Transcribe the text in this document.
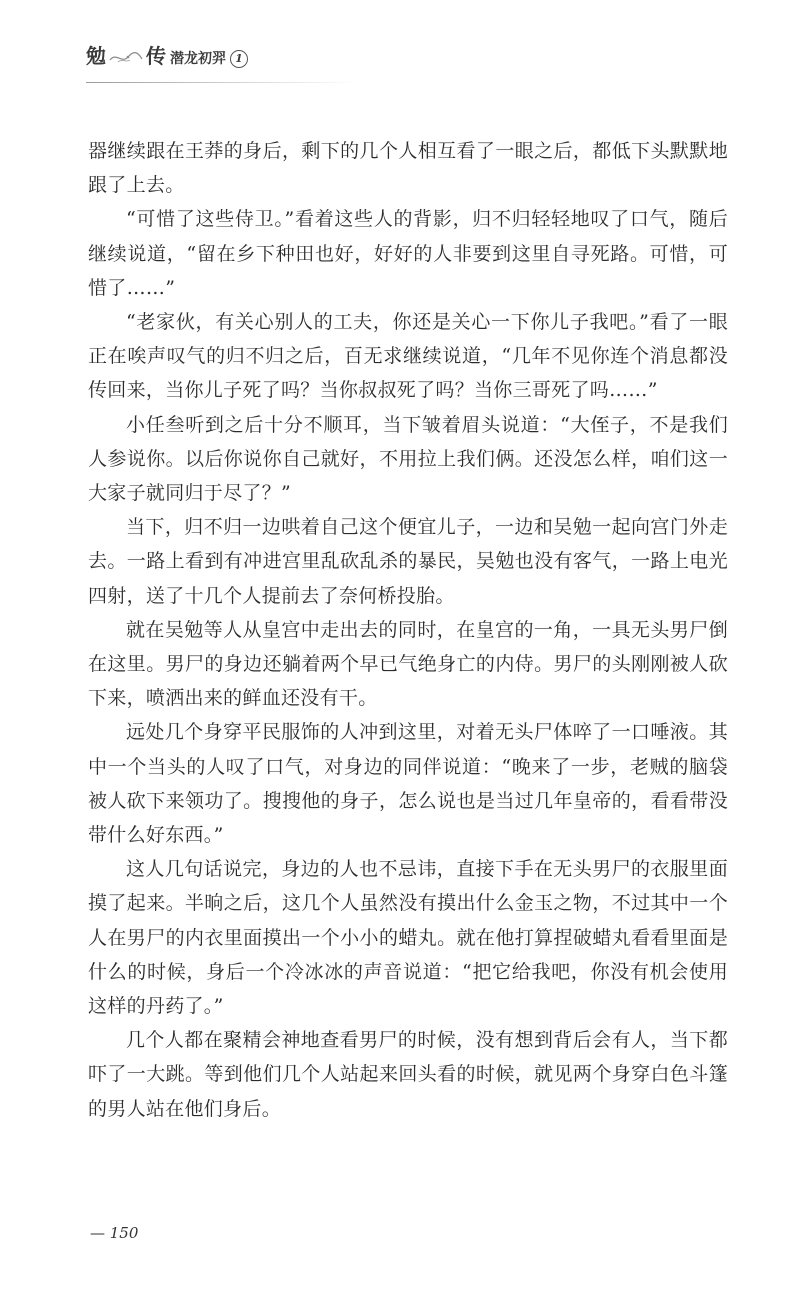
勉 传 潜龙初羿 1

器继续跟在王莽的身后，剩下的几个人相互看了一眼之后，都低下头默默地跟了上去。

“可惜了这些侍卫。”看着这些人的背影，归不归轻轻地叹了口气，随后继续说道，“留在乡下种田也好，好好的人非要到这里自寻死路。可惜，可惜了……”

“老家伙，有关心别人的工夫，你还是关心一下你儿子我吧。”看了一眼正在唉声叹气的归不归之后，百无求继续说道，“几年不见你连个消息都没传回来，当你儿子死了吗？当你叔叔死了吗？当你三哥死了吗……”

小任叁听到之后十分不顺耳，当下皱着眉头说道：“大侄子，不是我们人参说你。以后你说你自己就好，不用拉上我们俩。还没怎么样，咱们这一大家子就同归于尽了？”

当下，归不归一边哄着自己这个便宜儿子，一边和吴勉一起向宫门外走去。一路上看到有冲进宫里乱砍乱杀的暴民，吴勉也没有客气，一路上电光四射，送了十几个人提前去了奈何桥投胎。

就在吴勉等人从皇宫中走出去的同时，在皇宫的一角，一具无头男尸倒在这里。男尸的身边还躺着两个早已气绝身亡的内侍。男尸的头刚刚被人砍下来，喷洒出来的鲜血还没有干。

远处几个身穿平民服饰的人冲到这里，对着无头尸体啐了一口唾液。其中一个当头的人叹了口气，对身边的同伴说道：“晚来了一步，老贼的脑袋被人砍下来领功了。搜搜他的身子，怎么说也是当过几年皇帝的，看看带没带什么好东西。”

这人几句话说完，身边的人也不忌讳，直接下手在无头男尸的衣服里面摸了起来。半晌之后，这几个人虽然没有摸出什么金玉之物，不过其中一个人在男尸的内衣里面摸出一个小小的蜡丸。就在他打算捏破蜡丸看看里面是什么的时候，身后一个冷冰冰的声音说道：“把它给我吧，你没有机会使用这样的丹药了。”

几个人都在聚精会神地查看男尸的时候，没有想到背后会有人，当下都吓了一大跳。等到他们几个人站起来回头看的时候，就见两个身穿白色斗篷的男人站在他们身后。

— 150
